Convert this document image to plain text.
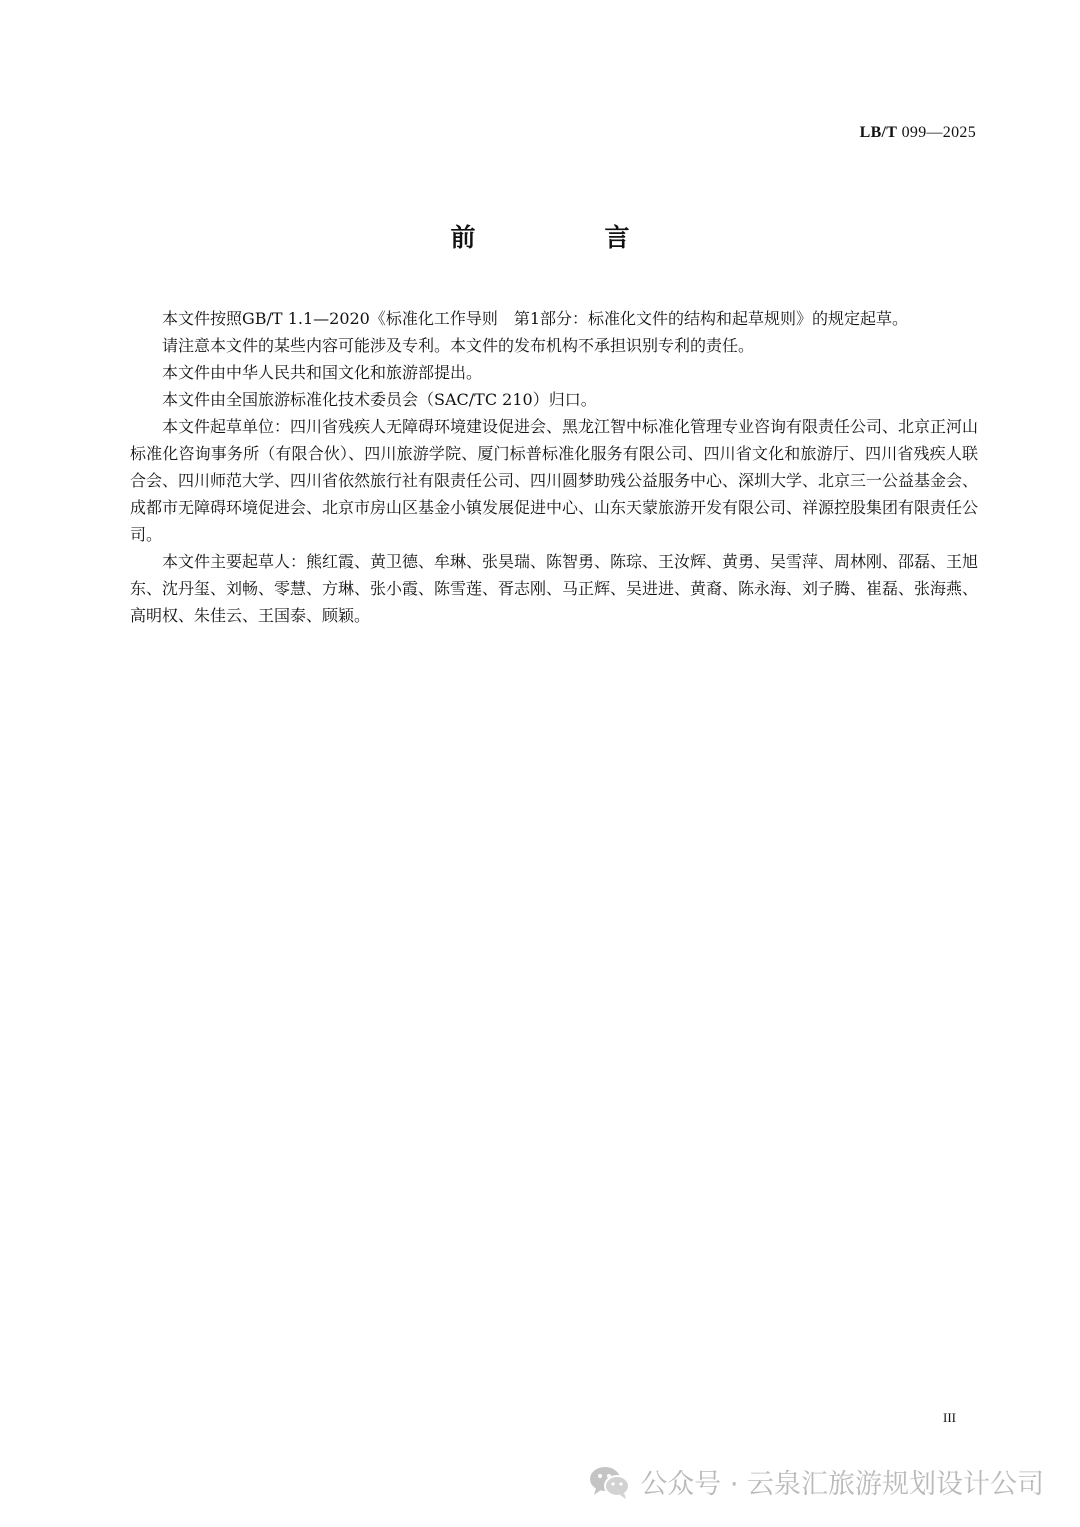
LB/T 099—2025
前　言

本文件按照GB/T 1.1—2020《标准化工作导则　第1部分：标准化文件的结构和起草规则》的规定起草。

请注意本文件的某些内容可能涉及专利。本文件的发布机构不承担识别专利的责任。

本文件由中华人民共和国文化和旅游部提出。

本文件由全国旅游标准化技术委员会（SAC/TC 210）归口。

本文件起草单位：四川省残疾人无障碍环境建设促进会、黑龙江智中标准化管理专业咨询有限责任公司、北京正河山标准化咨询事务所（有限合伙）、四川旅游学院、厦门标普标准化服务有限公司、四川省文化和旅游厅、四川省残疾人联合会、四川师范大学、四川省依然旅行社有限责任公司、四川圆梦助残公益服务中心、深圳大学、北京三一公益基金会、成都市无障碍环境促进会、北京市房山区基金小镇发展促进中心、山东天蒙旅游开发有限公司、祥源控股集团有限责任公司。

本文件主要起草人：熊红霞、黄卫德、牟琳、张昊瑞、陈智勇、陈琮、王汝辉、黄勇、吴雪萍、周林刚、邵磊、王旭东、沈丹玺、刘畅、零慧、方琳、张小霞、陈雪莲、胥志刚、马正辉、吴进进、黄裔、陈永海、刘子腾、崔磊、张海燕、高明权、朱佳云、王国泰、顾颖。

III
公众号 · 云泉汇旅游规划设计公司
